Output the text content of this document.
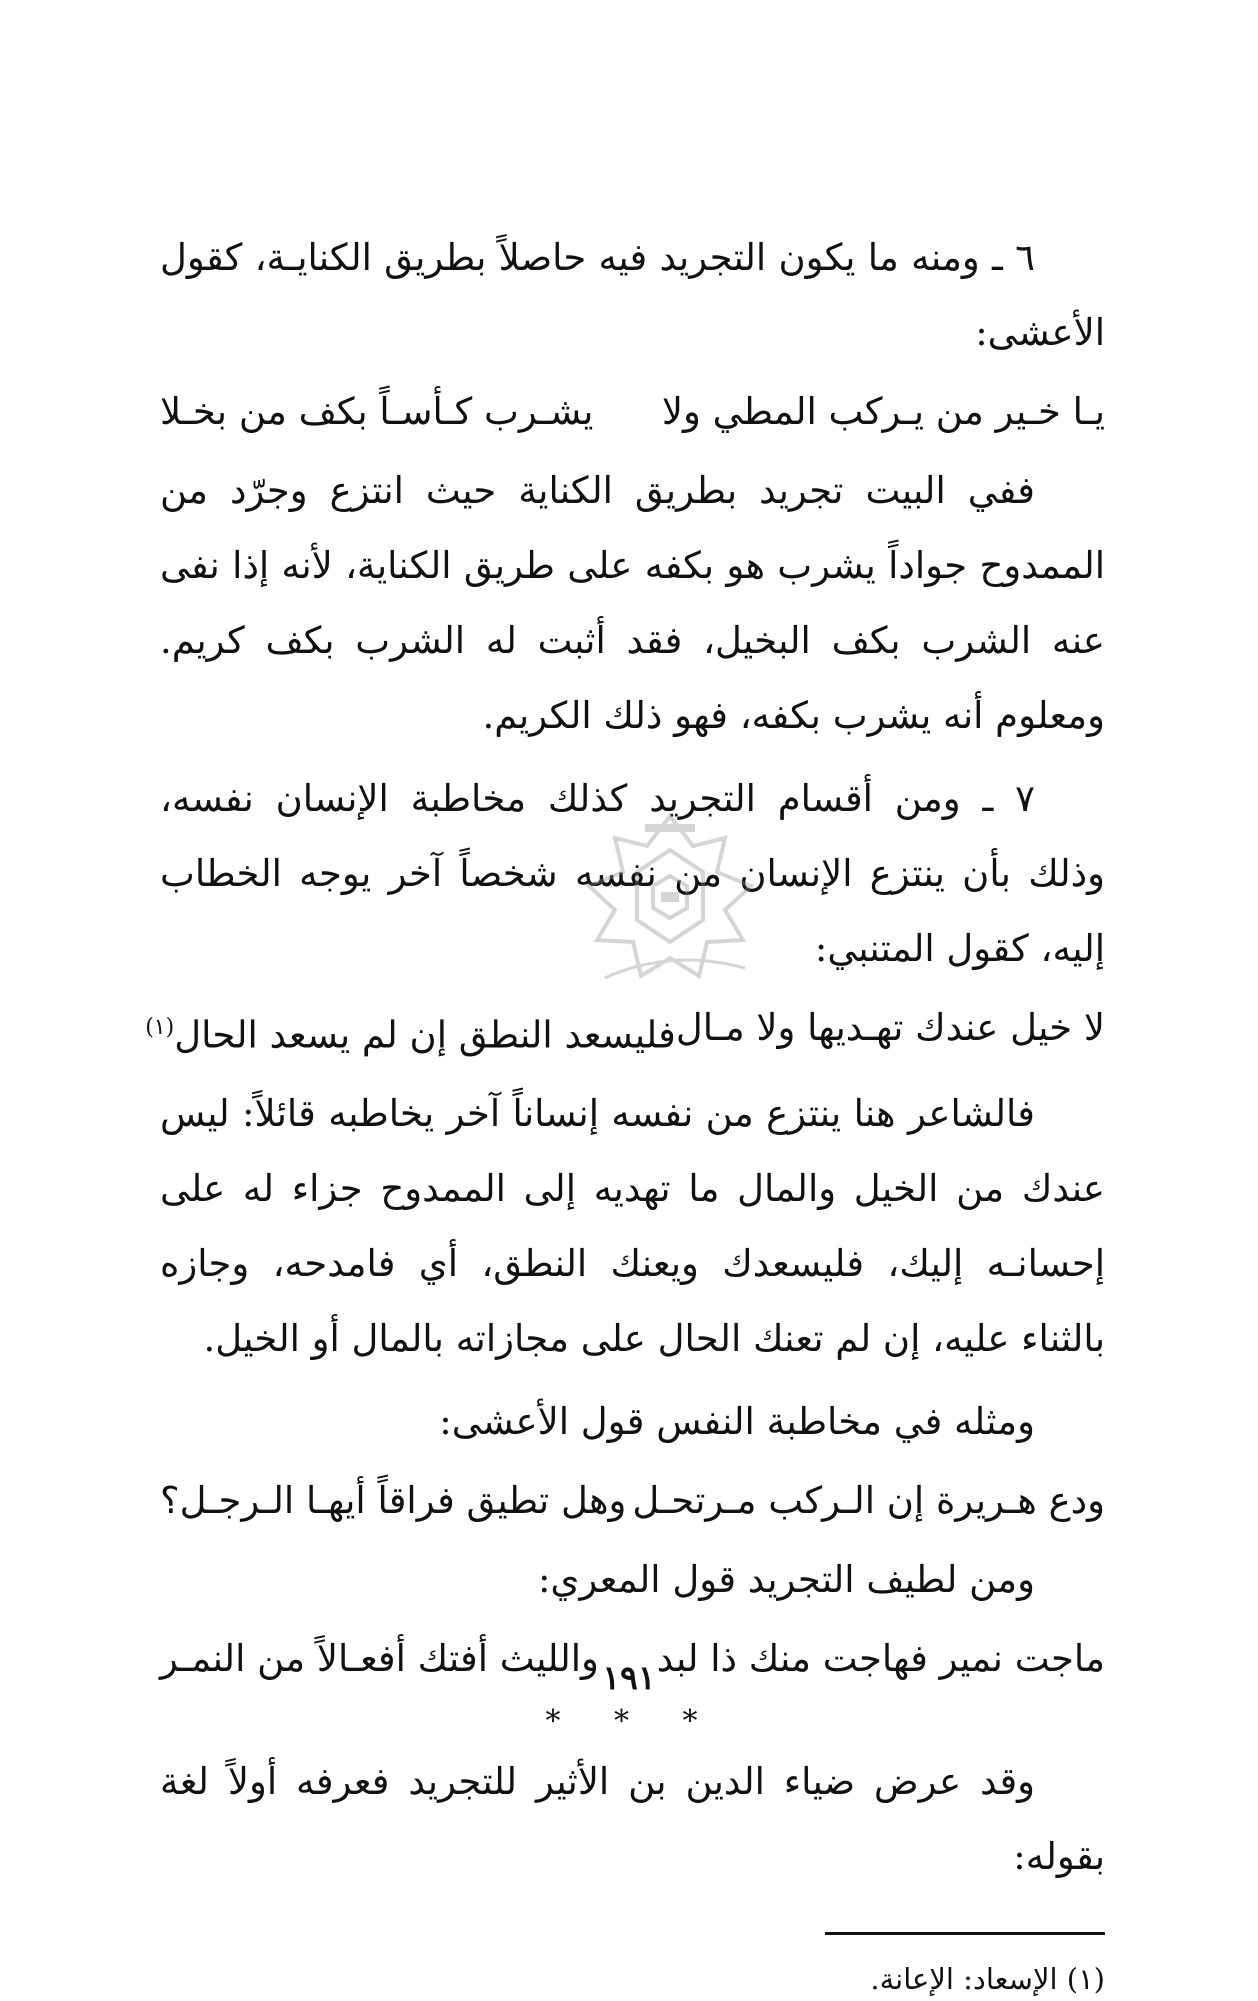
٦ ـ ومنه ما يكون التجريد فيه حاصلاً بطريق الكنايـة، كقول الأعشى:

يـا خـير من يـركب المطي ولا
يشـرب كـأسـاً بكف من بخـلا

ففي البيت تجريد بطريق الكناية حيث انتزع وجرّد من الممدوح جواداً يشرب هو بكفه على طريق الكناية، لأنه إذا نفى عنه الشرب بكف البخيل، فقد أثبت له الشرب بكف كريم. ومعلوم أنه يشرب بكفه، فهو ذلك الكريم.

٧ ـ ومن أقسام التجريد كذلك مخاطبة الإنسان نفسه، وذلك بأن ينتزع الإنسان من نفسه شخصاً آخر يوجه الخطاب إليه، كقول المتنبي:

لا خيل عندك تهـديها ولا مـال
فليسعد النطق إن لم يسعد الحال$^{(١)}$

فالشاعر هنا ينتزع من نفسه إنساناً آخر يخاطبه قائلاً: ليس عندك من الخيل والمال ما تهديه إلى الممدوح جزاء له على إحسانـه إليك، فليسعدك ويعنك النطق، أي فامدحه، وجازه بالثناء عليه، إن لم تعنك الحال على مجازاته بالمال أو الخيل.

ومثله في مخاطبة النفس قول الأعشى:

ودع هـريرة إن الـركب مـرتحـل
وهل تطيق فراقاً أيهـا الـرجـل؟

ومن لطيف التجريد قول المعري:

ماجت نمير فهاجت منك ذا لبد
والليث أفتك أفعـالاً من النمـر

* * *

وقد عرض ضياء الدين بن الأثير للتجريد فعرفه أولاً لغة بقوله:

(١) الإسعاد: الإعانة.

١٩١
